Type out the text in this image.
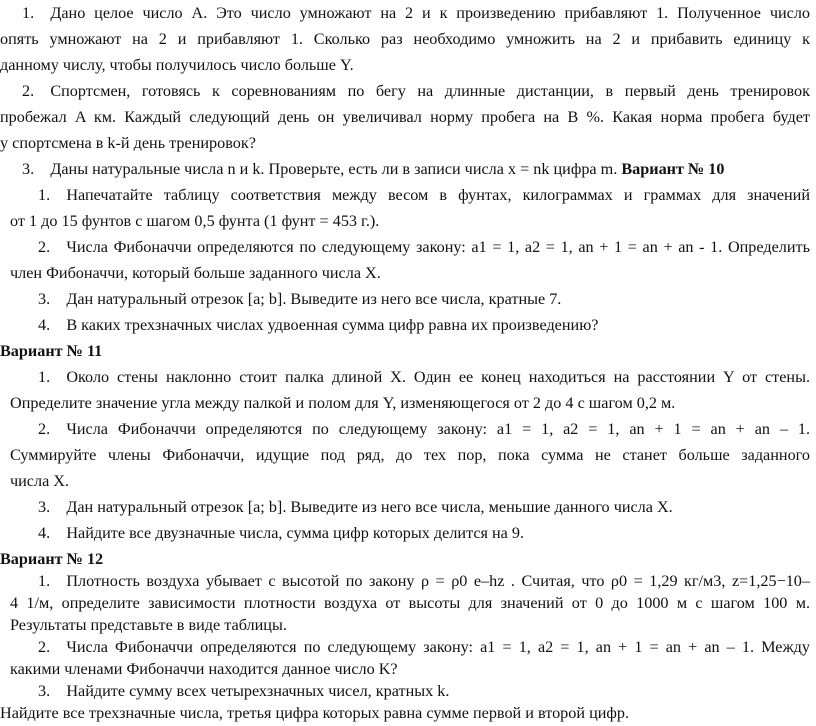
1. Дано целое число A. Это число умножают на 2 и к произведению прибавляют 1. Полученное число
опять умножают на 2 и прибавляют 1. Сколько раз необходимо умножить на 2 и прибавить единицу к
данному числу, чтобы получилось число больше Y.
2. Спортсмен, готовясь к соревнованиям по бегу на длинные дистанции, в первый день тренировок
пробежал A км. Каждый следующий день он увеличивал норму пробега на B %. Какая норма пробега будет
у спортсмена в k-й день тренировок?
3. Даны натуральные числа n и k. Проверьте, есть ли в записи числа x = nk цифра m. Вариант № 10
1. Напечатайте таблицу соответствия между весом в фунтах, килограммах и граммах для значений
от 1 до 15 фунтов с шагом 0,5 фунта (1 фунт = 453 г.).
2. Числа Фибоначчи определяются по следующему закону: a1 = 1, a2 = 1, an + 1 = an + an - 1. Определить
член Фибоначчи, который больше заданного числа X.
3. Дан натуральный отрезок [a; b]. Выведите из него все числа, кратные 7.
4. В каких трехзначных числах удвоенная сумма цифр равна их произведению?
Вариант № 11
1. Около стены наклонно стоит палка длиной X. Один ее конец находиться на расстоянии Y от стены.
Определите значение угла между палкой и полом для Y, изменяющегося от 2 до 4 с шагом 0,2 м.
2. Числа Фибоначчи определяются по следующему закону: a1 = 1, a2 = 1, an + 1 = an + an – 1.
Суммируйте члены Фибоначчи, идущие под ряд, до тех пор, пока сумма не станет больше заданного
числа X.
3. Дан натуральный отрезок [a; b]. Выведите из него все числа, меньшие данного числа X.
4. Найдите все двузначные числа, сумма цифр которых делится на 9.
Вариант № 12
1. Плотность воздуха убывает с высотой по закону ρ = ρ0 e–hz . Считая, что ρ0 = 1,29 кг/м3, z=1,25−10–
4 1/м, определите зависимости плотности воздуха от высоты для значений от 0 до 1000 м с шагом 100 м.
Результаты представьте в виде таблицы.
2. Числа Фибоначчи определяются по следующему закону: a1 = 1, a2 = 1, an + 1 = an + an – 1. Между
какими членами Фибоначчи находится данное число K?
3. Найдите сумму всех четырехзначных чисел, кратных k.
Найдите все трехзначные числа, третья цифра которых равна сумме первой и второй цифр.
